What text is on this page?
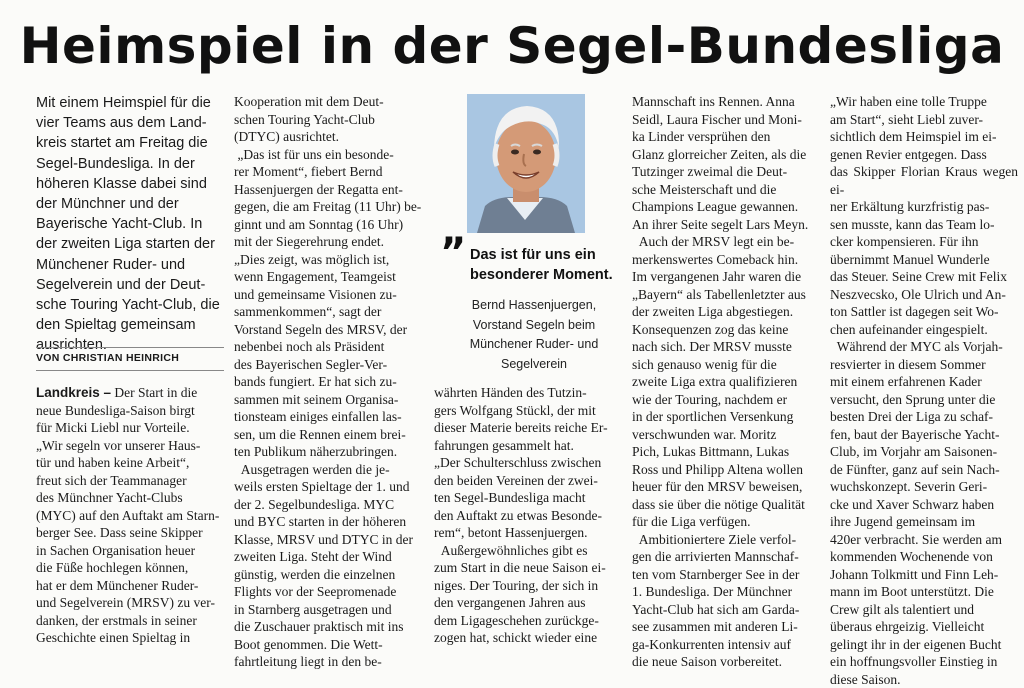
Heimspiel in der Segel-Bundesliga

Mit einem Heimspiel für die
vier Teams aus dem Land-
kreis startet am Freitag die
Segel-Bundesliga. In der
höheren Klasse dabei sind
der Münchner und der
Bayerische Yacht-Club. In
der zweiten Liga starten der
Münchener Ruder- und
Segelverein und der Deut-
sche Touring Yacht-Club, die
den Spieltag gemeinsam
ausrichten.

VON CHRISTIAN HEINRICH

Landkreis – Der Start in die
neue Bundesliga-Saison birgt
für Micki Liebl nur Vorteile.
„Wir segeln vor unserer Haus-
tür und haben keine Arbeit“,
freut sich der Teammanager
des Münchner Yacht-Clubs
(MYC) auf den Auftakt am Starn-
berger See. Dass seine Skipper
in Sachen Organisation heuer
die Füße hochlegen können,
hat er dem Münchener Ruder-
und Segelverein (MRSV) zu ver-
danken, der erstmals in seiner
Geschichte einen Spieltag in

Kooperation mit dem Deut-
schen Touring Yacht-Club
(DTYC) ausrichtet.
„Das ist für uns ein besonde-
rer Moment“, fiebert Bernd
Hassenjuergen der Regatta ent-
gegen, die am Freitag (11 Uhr) be-
ginnt und am Sonntag (16 Uhr)
mit der Siegerehrung endet.
„Dies zeigt, was möglich ist,
wenn Engagement, Teamgeist
und gemeinsame Visionen zu-
sammenkommen“, sagt der
Vorstand Segeln des MRSV, der
nebenbei noch als Präsident
des Bayerischen Segler-Ver-
bands fungiert. Er hat sich zu-
sammen mit seinem Organisa-
tionsteam einiges einfallen las-
sen, um die Rennen einem brei-
ten Publikum näherzubringen.
Ausgetragen werden die je-
weils ersten Spieltage der 1. und
der 2. Segelbundesliga. MYC
und BYC starten in der höheren
Klasse, MRSV und DTYC in der
zweiten Liga. Steht der Wind
günstig, werden die einzelnen
Flights vor der Seepromenade
in Starnberg ausgetragen und
die Zuschauer praktisch mit ins
Boot genommen. Die Wett-
fahrtleitung liegt in den be-

” Das ist für uns ein besonderer Moment.
Bernd Hassenjuergen,
Vorstand Segeln beim
Münchener Ruder- und
Segelverein

währten Händen des Tutzin-
gers Wolfgang Stückl, der mit
dieser Materie bereits reiche Er-
fahrungen gesammelt hat.
„Der Schulterschluss zwischen
den beiden Vereinen der zwei-
ten Segel-Bundesliga macht
den Auftakt zu etwas Besonde-
rem“, betont Hassenjuergen.
Außergewöhnliches gibt es
zum Start in die neue Saison ei-
niges. Der Touring, der sich in
den vergangenen Jahren aus
dem Ligageschehen zurückge-
zogen hat, schickt wieder eine

Mannschaft ins Rennen. Anna
Seidl, Laura Fischer und Moni-
ka Linder versprühen den
Glanz glorreicher Zeiten, als die
Tutzinger zweimal die Deut-
sche Meisterschaft und die
Champions League gewannen.
An ihrer Seite segelt Lars Meyn.
Auch der MRSV legt ein be-
merkenswertes Comeback hin.
Im vergangenen Jahr waren die
„Bayern“ als Tabellenletzter aus
der zweiten Liga abgestiegen.
Konsequenzen zog das keine
nach sich. Der MRSV musste
sich genauso wenig für die
zweite Liga extra qualifizieren
wie der Touring, nachdem er
in der sportlichen Versenkung
verschwunden war. Moritz
Pich, Lukas Bittmann, Lukas
Ross und Philipp Altena wollen
heuer für den MRSV beweisen,
dass sie über die nötige Qualität
für die Liga verfügen.
Ambitioniertere Ziele verfol-
gen die arrivierten Mannschaf-
ten vom Starnberger See in der
1. Bundesliga. Der Münchner
Yacht-Club hat sich am Garda-
see zusammen mit anderen Li-
ga-Konkurrenten intensiv auf
die neue Saison vorbereitet.

„Wir haben eine tolle Truppe
am Start“, sieht Liebl zuver-
sichtlich dem Heimspiel im ei-
genen Revier entgegen. Dass
das Skipper Florian Kraus wegen ei-
ner Erkältung kurzfristig pas-
sen musste, kann das Team lo-
cker kompensieren. Für ihn
übernimmt Manuel Wunderle
das Steuer. Seine Crew mit Felix
Neszvecsko, Ole Ulrich und An-
ton Sattler ist dagegen seit Wo-
chen aufeinander eingespielt.
Während der MYC als Vorjah-
resvierter in diesem Sommer
mit einem erfahrenen Kader
versucht, den Sprung unter die
besten Drei der Liga zu schaf-
fen, baut der Bayerische Yacht-
Club, im Vorjahr am Saisonen-
de Fünfter, ganz auf sein Nach-
wuchskonzept. Severin Geri-
cke und Xaver Schwarz haben
ihre Jugend gemeinsam im
420er verbracht. Sie werden am
kommenden Wochenende von
Johann Tolkmitt und Finn Leh-
mann im Boot unterstützt. Die
Crew gilt als talentiert und
überaus ehrgeizig. Vielleicht
gelingt ihr in der eigenen Bucht
ein hoffnungsvoller Einstieg in
diese Saison.
